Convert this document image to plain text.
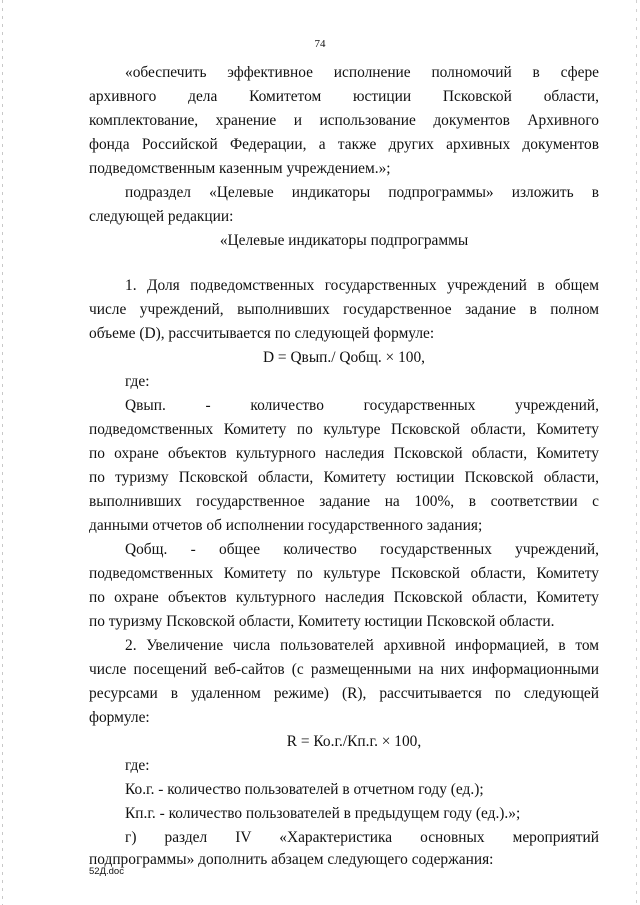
74
«обеспечить эффективное исполнение полномочий в сфере
архивного дела Комитетом юстиции Псковской области,
комплектование, хранение и использование документов Архивного
фонда Российской Федерации, а также других архивных документов
подведомственным казенным учреждением.»;
подраздел «Целевые индикаторы подпрограммы» изложить в
следующей редакции:
«Целевые индикаторы подпрограммы
1. Доля подведомственных государственных учреждений в общем
числе учреждений, выполнивших государственное задание в полном
объеме (D), рассчитывается по следующей формуле:
D = Qвып./ Qобщ. × 100,
где:
Qвып. - количество государственных учреждений,
подведомственных Комитету по культуре Псковской области, Комитету
по охране объектов культурного наследия Псковской области, Комитету
по туризму Псковской области, Комитету юстиции Псковской области,
выполнивших государственное задание на 100%, в соответствии с
данными отчетов об исполнении государственного задания;
Qобщ. - общее количество государственных учреждений,
подведомственных Комитету по культуре Псковской области, Комитету
по охране объектов культурного наследия Псковской области, Комитету
по туризму Псковской области, Комитету юстиции Псковской области.
2. Увеличение числа пользователей архивной информацией, в том
числе посещений веб-сайтов (с размещенными на них информационными
ресурсами в удаленном режиме) (R), рассчитывается по следующей
формуле:
R = Ко.г./Кп.г. × 100,
где:
Ко.г. - количество пользователей в отчетном году (ед.);
Кп.г. - количество пользователей в предыдущем году (ед.).»;
г) раздел IV «Характеристика основных мероприятий
подпрограммы» дополнить абзацем следующего содержания:
52Д.doc
